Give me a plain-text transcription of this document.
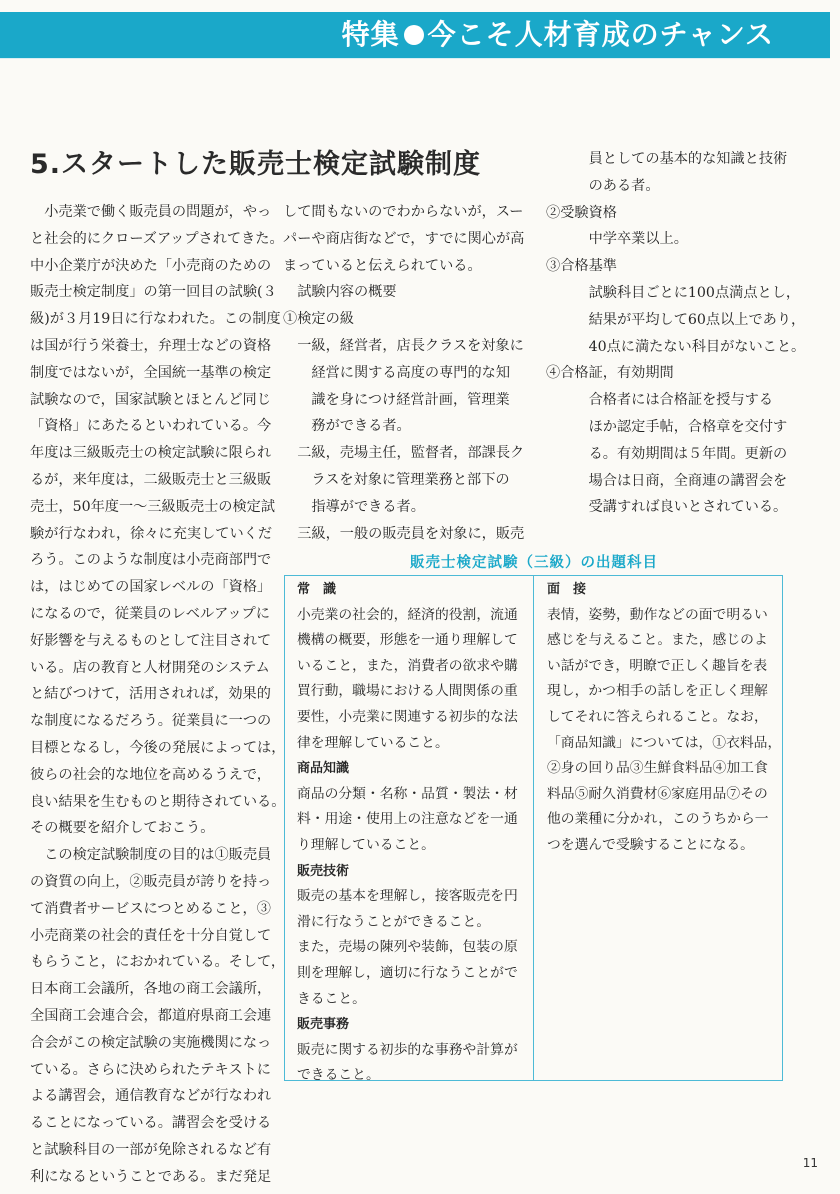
特集 今こそ人材育成のチャンス
5.スタートした販売士検定試験制度

　小売業で働く販売員の問題が，やっ

と社会的にクローズアップされてきた。

中小企業庁が決めた「小売商のための

販売士検定制度」の第一回目の試験(３

級)が３月19日に行なわれた。この制度

は国が行う栄養士，弁理士などの資格

制度ではないが，全国統一基準の検定

試験なので，国家試験とほとんど同じ

「資格」にあたるといわれている。今

年度は三級販売士の検定試験に限られ

るが，来年度は，二級販売士と三級販

売士，50年度一～三級販売士の検定試

験が行なわれ，徐々に充実していくだ

ろう。このような制度は小売商部門で

は，はじめての国家レベルの「資格」

になるので，従業員のレベルアップに

好影響を与えるものとして注目されて

いる。店の教育と人材開発のシステム

と結びつけて，活用されれば，効果的

な制度になるだろう。従業員に一つの

目標となるし，今後の発展によっては，

彼らの社会的な地位を高めるうえで，

良い結果を生むものと期待されている。

その概要を紹介しておこう。

　この検定試験制度の目的は①販売員

の資質の向上，②販売員が誇りを持っ

て消費者サービスにつとめること，③

小売商業の社会的責任を十分自覚して

もらうこと，におかれている。そして，

日本商工会議所，各地の商工会議所，

全国商工会連合会，都道府県商工会連

合会がこの検定試験の実施機関になっ

ている。さらに決められたテキストに

よる講習会，通信教育などが行なわれ

ることになっている。講習会を受ける

と試験科目の一部が免除されるなど有

利になるということである。まだ発足

して間もないのでわからないが，スー

パーや商店街などで，すでに関心が高

まっていると伝えられている。

　試験内容の概要

①検定の級

　一級，経営者，店長クラスを対象に

　　経営に関する高度の専門的な知

　　識を身につけ経営計画，管理業

　　務ができる者。

　二級，売場主任，監督者，部課長ク

　　ラスを対象に管理業務と部下の

　　指導ができる者。

　三級，一般の販売員を対象に，販売

　　　員としての基本的な知識と技術

　　　のある者。

②受験資格

　　　中学卒業以上。

③合格基準

　　　試験科目ごとに100点満点とし，

　　　結果が平均して60点以上であり，

　　　40点に満たない科目がないこと。

④合格証，有効期間

　　　合格者には合格証を授与する

　　　ほか認定手帖，合格章を交付す

　　　る。有効期間は５年間。更新の

　　　場合は日商，全商連の講習会を

　　　受講すれば良いとされている。

販売士検定試験（三級）の出題科目

常　識

小売業の社会的，経済的役割，流通

機構の概要，形態を一通り理解して

いること，また，消費者の欲求や購

買行動，職場における人間関係の重

要性，小売業に関連する初歩的な法

律を理解していること。

商品知識

商品の分類・名称・品質・製法・材

料・用途・使用上の注意などを一通

り理解していること。

販売技術

販売の基本を理解し，接客販売を円

滑に行なうことができること。

また，売場の陳列や装飾，包装の原

則を理解し，適切に行なうことがで

きること。

販売事務

販売に関する初歩的な事務や計算が

できること。

面　接

表情，姿勢，動作などの面で明るい

感じを与えること。また，感じのよ

い話ができ，明瞭で正しく趣旨を表

現し，かつ相手の話しを正しく理解

してそれに答えられること。なお，

「商品知識」については，①衣料品，

②身の回り品③生鮮食料品④加工食

料品⑤耐久消費材⑥家庭用品⑦その

他の業種に分かれ，このうちから一

つを選んで受験することになる。

11
